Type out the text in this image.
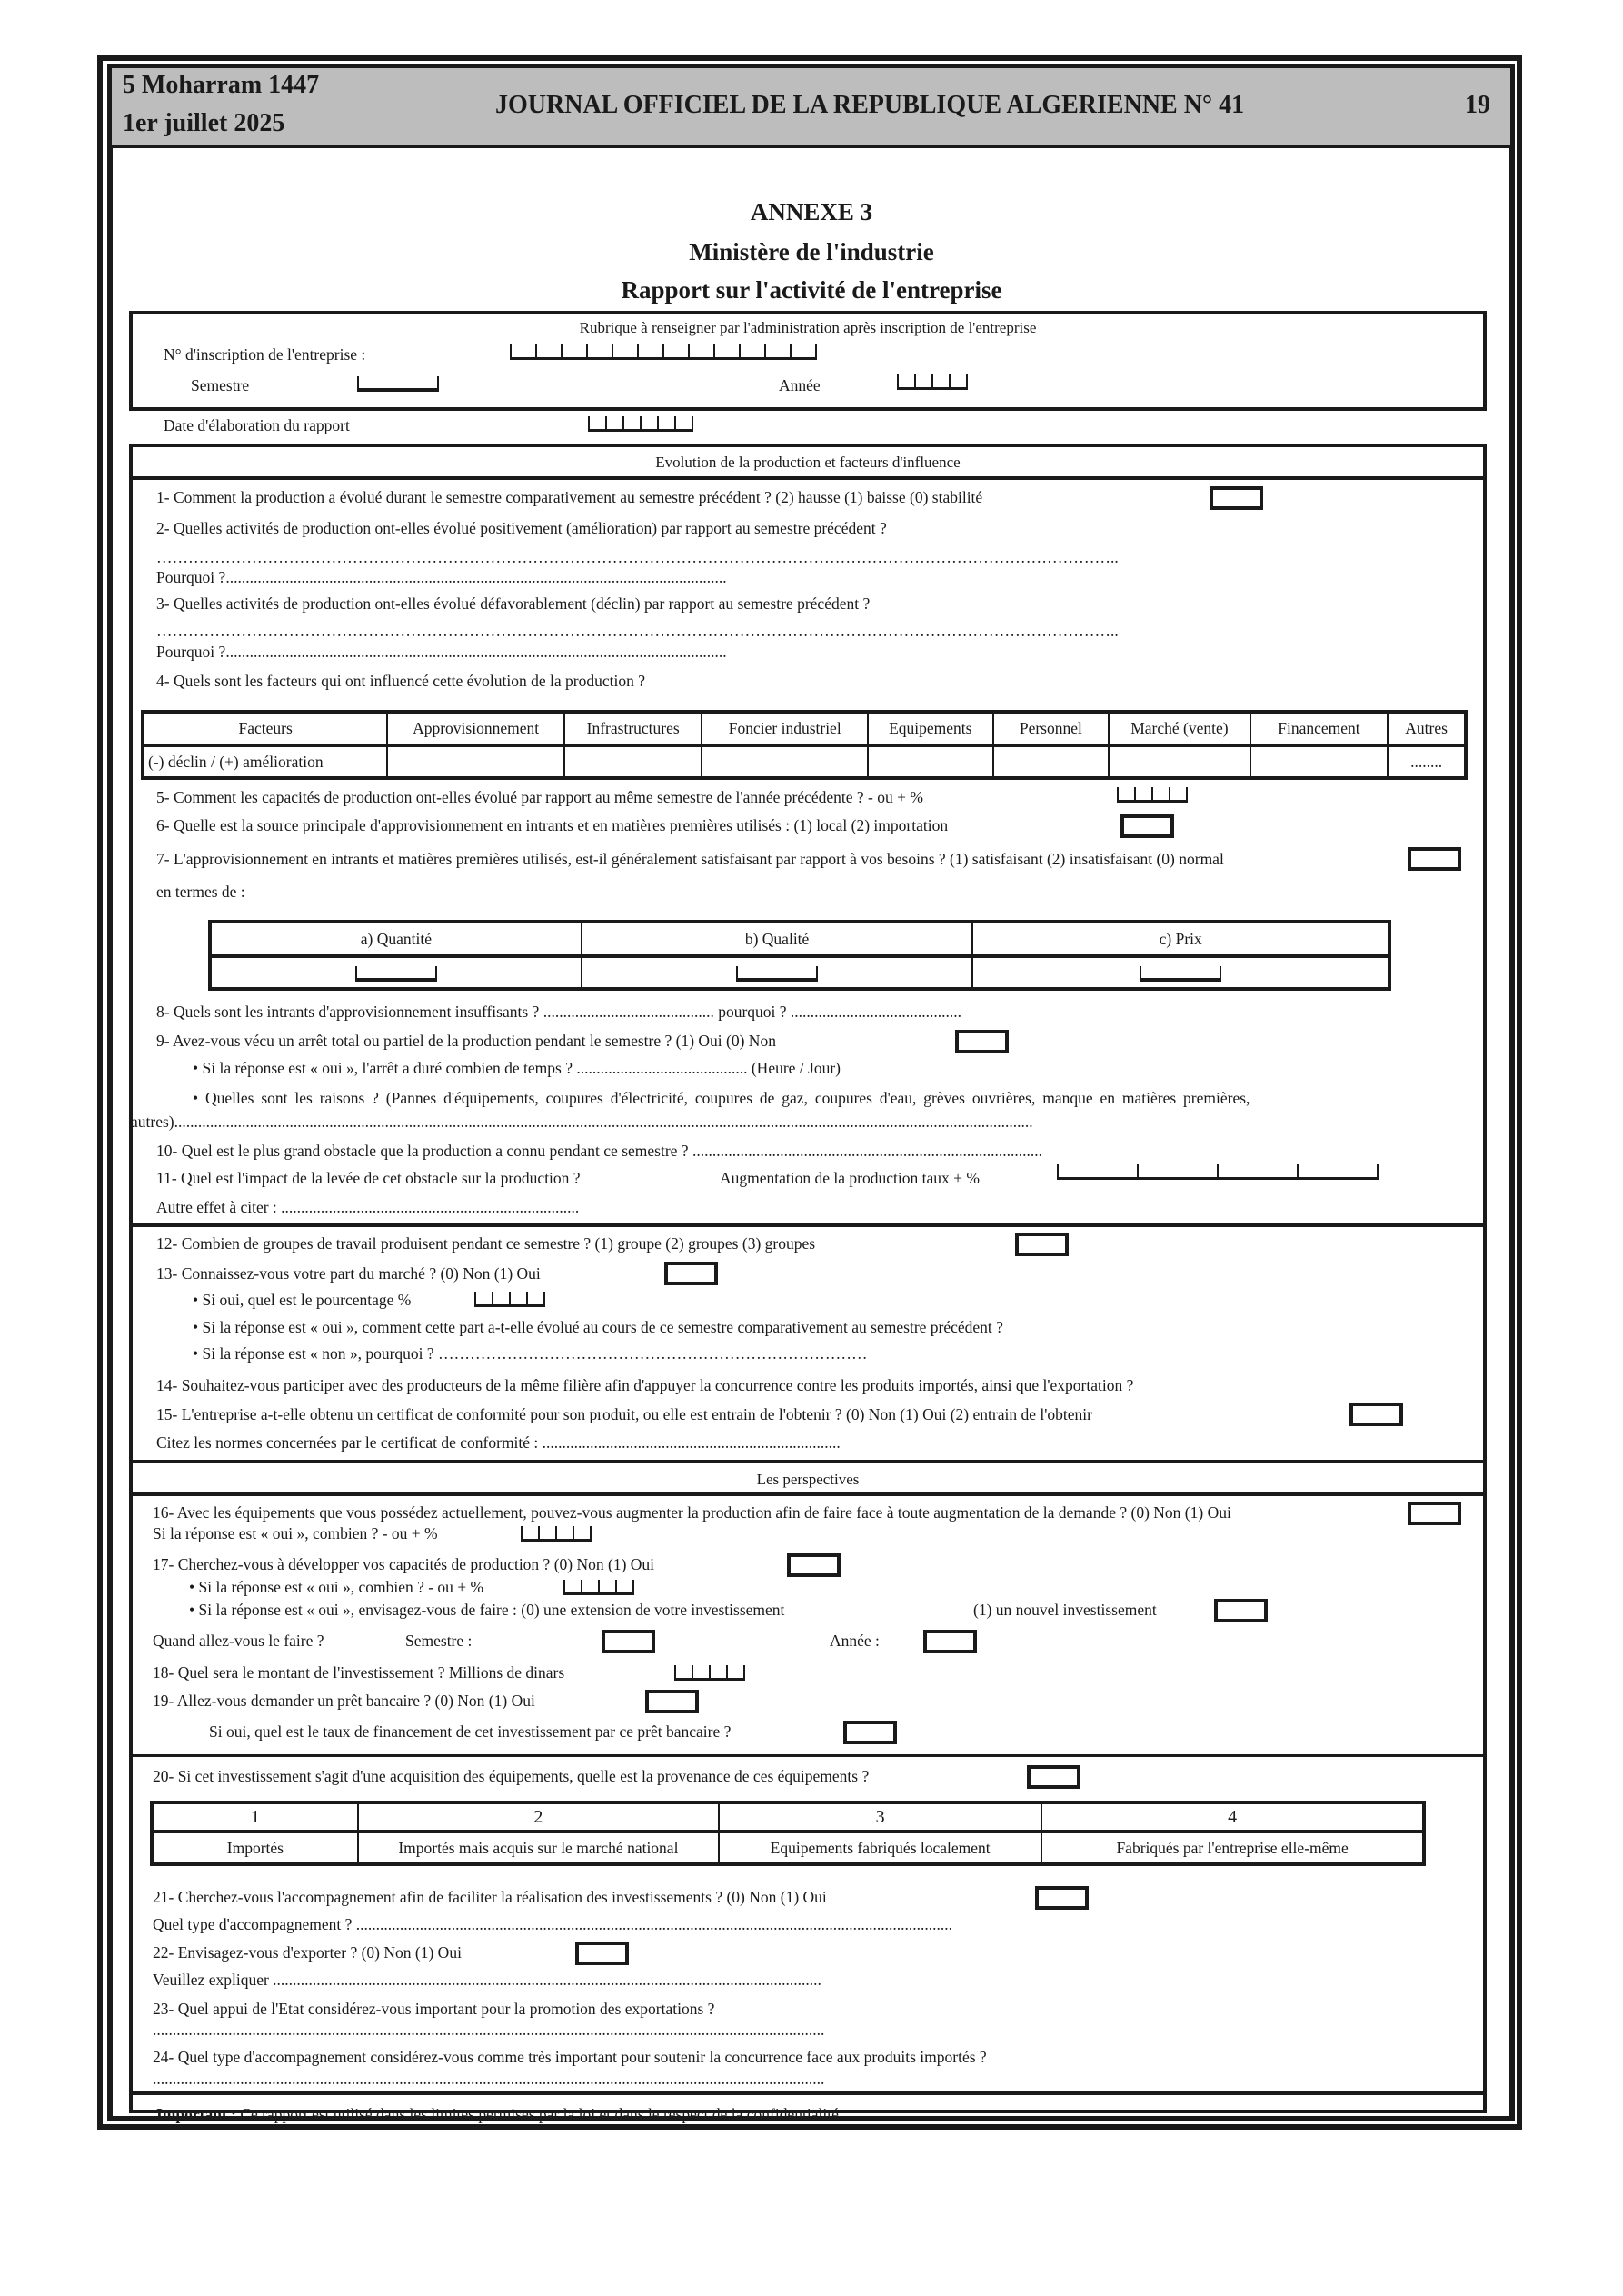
5 Moharram 1447
1er juillet 2025
JOURNAL OFFICIEL DE LA REPUBLIQUE ALGERIENNE N° 41	19
ANNEXE 3
Ministère de l'industrie
Rapport sur l'activité de l'entreprise
Rubrique à renseigner par l'administration après inscription de l'entreprise
N° d'inscription de l'entreprise :
Semestre	Année
Date d'élaboration du rapport
Evolution de la production et facteurs d'influence
1- Comment la production a évolué durant le semestre comparativement au semestre précédent ? (2) hausse (1) baisse (0) stabilité
2- Quelles activités de production ont-elles évolué positivement (amélioration) par rapport au semestre précédent ?
………………………………………………………………………………………………………………………………………………………………..
Pourquoi ?..............................................................................................................................
3- Quelles activités de production ont-elles évolué défavorablement (déclin) par rapport au semestre précédent ?
………………………………………………………………………………………………………………………………………………………………..
Pourquoi ?..............................................................................................................................
4- Quels sont les facteurs qui ont influencé cette évolution de la production ?
Facteurs	Approvisionnement	Infrastructures	Foncier industriel	Equipements	Personnel	Marché (vente)	Financement	Autres
(-) déclin / (+) amélioration								........
5- Comment les capacités de production ont-elles évolué par rapport au même semestre de l'année précédente ? - ou + %
6- Quelle est la source principale d'approvisionnement en intrants et en matières premières utilisés : (1) local (2) importation
7- L'approvisionnement en intrants et matières premières utilisés, est-il généralement satisfaisant par rapport à vos besoins ? (1) satisfaisant (2) insatisfaisant (0) normal
en termes de :
a) Quantité	b) Qualité	c) Prix

8- Quels sont les intrants d'approvisionnement insuffisants ? ........................................... pourquoi ? ...........................................
9- Avez-vous vécu un arrêt total ou partiel de la production pendant le semestre ? (1) Oui (0) Non
• Si la réponse est « oui », l'arrêt a duré combien de temps ? ........................................... (Heure / Jour)
• Quelles sont les raisons ? (Pannes d'équipements, coupures d'électricité, coupures de gaz, coupures d'eau, grèves ouvrières, manque en matières premières,
autres)........................................................................................................................................................................................................................
10- Quel est le plus grand obstacle que la production a connu pendant ce semestre ? ........................................................................................
11- Quel est l'impact de la levée de cet obstacle sur la production ?	Augmentation de la production taux + %
Autre effet à citer : ...........................................................................
12- Combien de groupes de travail produisent pendant ce semestre ? (1) groupe (2) groupes (3) groupes
13- Connaissez-vous votre part du marché ? (0) Non (1) Oui
• Si oui, quel est le pourcentage %
• Si la réponse est « oui », comment cette part a-t-elle évolué au cours de ce semestre comparativement au semestre précédent ?
• Si la réponse est « non », pourquoi ? ………………………………………………………………………
14- Souhaitez-vous participer avec des producteurs de la même filière afin d'appuyer la concurrence contre les produits importés, ainsi que l'exportation ?
15- L'entreprise a-t-elle obtenu un certificat de conformité pour son produit, ou elle est entrain de l'obtenir ? (0) Non (1) Oui (2) entrain de l'obtenir
Citez les normes concernées par le certificat de conformité : ...........................................................................
Les perspectives
16- Avec les équipements que vous possédez actuellement, pouvez-vous augmenter la production afin de faire face à toute augmentation de la demande ? (0) Non (1) Oui
Si la réponse est « oui », combien ? - ou + %
17- Cherchez-vous à développer vos capacités de production ? (0) Non (1) Oui
• Si la réponse est « oui », combien ? - ou + %
• Si la réponse est « oui », envisagez-vous de faire : (0) une extension de votre investissement	(1) un nouvel investissement
Quand allez-vous le faire ?	Semestre :	Année :
18- Quel sera le montant de l'investissement ? Millions de dinars
19- Allez-vous demander un prêt bancaire ? (0) Non (1) Oui
Si oui, quel est le taux de financement de cet investissement par ce prêt bancaire ?
20- Si cet investissement s'agit d'une acquisition des équipements, quelle est la provenance de ces équipements ?
1	2	3	4
Importés	Importés mais acquis sur le marché national	Equipements fabriqués localement	Fabriqués par l'entreprise elle-même
21- Cherchez-vous l'accompagnement afin de faciliter la réalisation des investissements ? (0) Non (1) Oui
Quel type d'accompagnement ? ......................................................................................................................................................
22- Envisagez-vous d'exporter ? (0) Non (1) Oui
Veuillez expliquer ..........................................................................................................................................
23- Quel appui de l'Etat considérez-vous important pour la promotion des exportations ?
.........................................................................................................................................................................
24- Quel type d'accompagnement considérez-vous comme très important pour soutenir la concurrence face aux produits importés ?
.........................................................................................................................................................................
Important : Ce rapport est utilisé dans les limites permises par la loi et dans le respect de la confidentialité.
